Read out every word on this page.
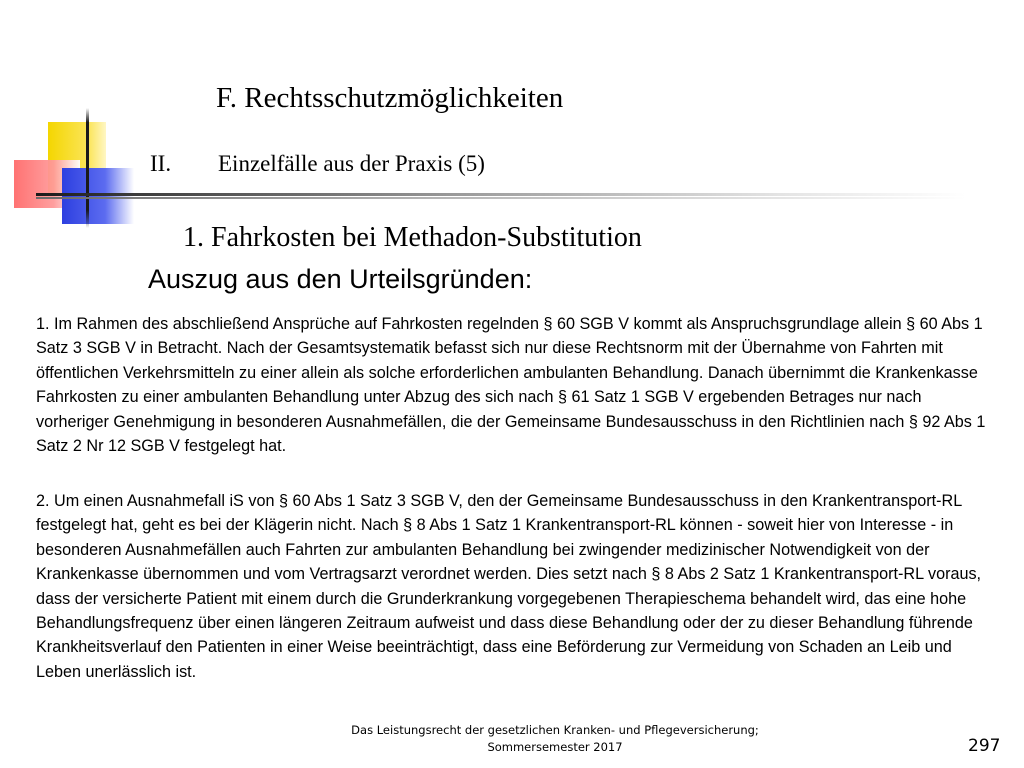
F. Rechtsschutzmöglichkeiten
II. Einzelfälle aus der Praxis (5)
1. Fahrkosten bei Methadon-Substitution
Auszug aus den Urteilsgründen:

1. Im Rahmen des abschließend Ansprüche auf Fahrkosten regelnden § 60 SGB V kommt als Anspruchsgrundlage allein § 60 Abs 1 Satz 3 SGB V in Betracht. Nach der Gesamtsystematik befasst sich nur diese Rechtsnorm mit der Übernahme von Fahrten mit öffentlichen Verkehrsmitteln zu einer allein als solche erforderlichen ambulanten Behandlung. Danach übernimmt die Krankenkasse Fahrkosten zu einer ambulanten Behandlung unter Abzug des sich nach § 61 Satz 1 SGB V ergebenden Betrages nur nach vorheriger Genehmigung in besonderen Ausnahmefällen, die der Gemeinsame Bundesausschuss in den Richtlinien nach § 92 Abs 1 Satz 2 Nr 12 SGB V festgelegt hat.

2. Um einen Ausnahmefall iS von § 60 Abs 1 Satz 3 SGB V, den der Gemeinsame Bundesausschuss in den Krankentransport-RL festgelegt hat, geht es bei der Klägerin nicht. Nach § 8 Abs 1 Satz 1 Krankentransport-RL können - soweit hier von Interesse - in besonderen Ausnahmefällen auch Fahrten zur ambulanten Behandlung bei zwingender medizinischer Notwendigkeit von der Krankenkasse übernommen und vom Vertragsarzt verordnet werden. Dies setzt nach § 8 Abs 2 Satz 1 Krankentransport-RL voraus, dass der versicherte Patient mit einem durch die Grunderkrankung vorgegebenen Therapieschema behandelt wird, das eine hohe Behandlungsfrequenz über einen längeren Zeitraum aufweist und dass diese Behandlung oder der zu dieser Behandlung führende Krankheitsverlauf den Patienten in einer Weise beeinträchtigt, dass eine Beförderung zur Vermeidung von Schaden an Leib und Leben unerlässlich ist.

Das Leistungsrecht der gesetzlichen Kranken- und Pflegeversicherung;
Sommersemester 2017	297
